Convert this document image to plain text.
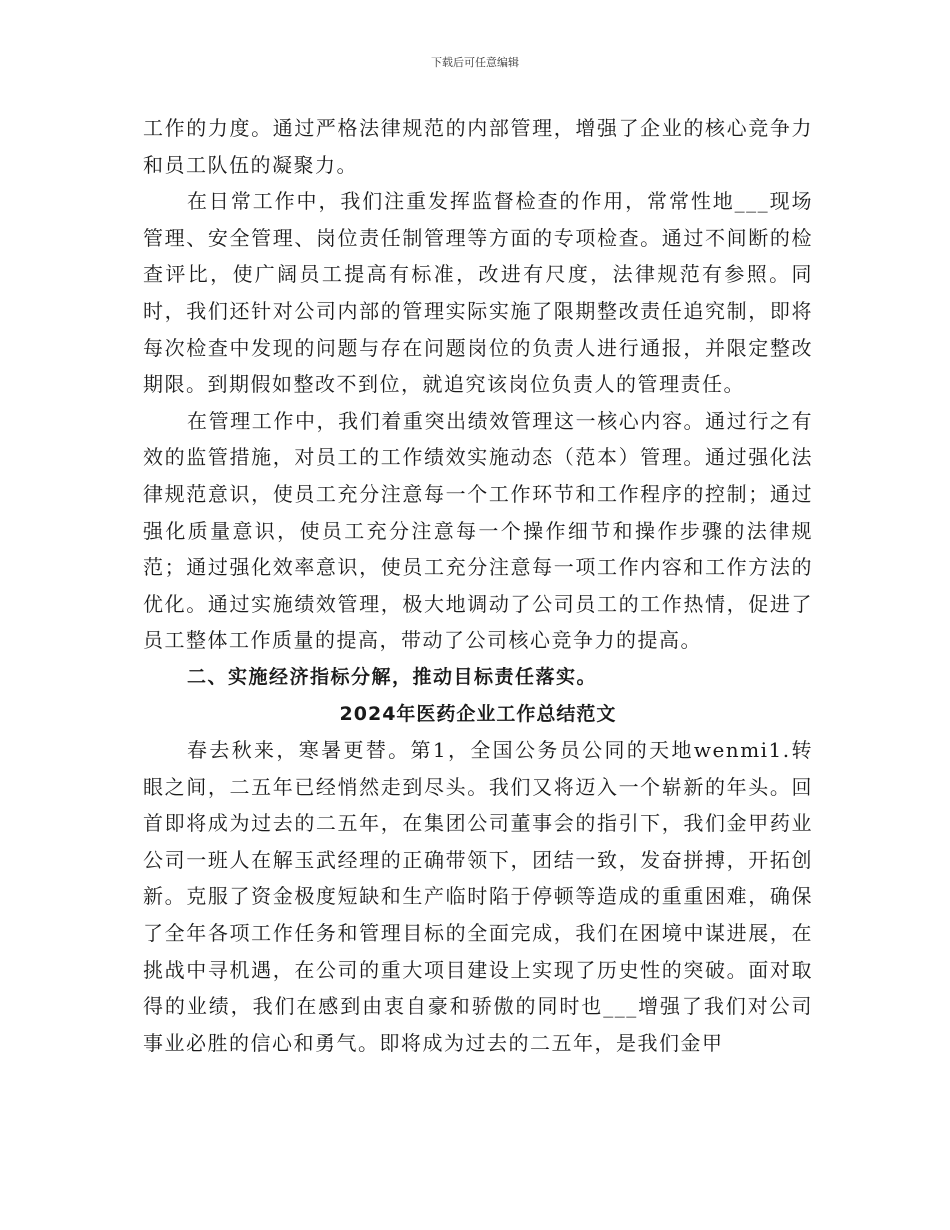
下载后可任意编辑

工作的力度。通过严格法律规范的内部管理，增强了企业的核心竞争力和员工队伍的凝聚力。

在日常工作中，我们注重发挥监督检查的作用，常常性地___现场管理、安全管理、岗位责任制管理等方面的专项检查。通过不间断的检查评比，使广阔员工提高有标准，改进有尺度，法律规范有参照。同时，我们还针对公司内部的管理实际实施了限期整改责任追究制，即将每次检查中发现的问题与存在问题岗位的负责人进行通报，并限定整改期限。到期假如整改不到位，就追究该岗位负责人的管理责任。

在管理工作中，我们着重突出绩效管理这一核心内容。通过行之有效的监管措施，对员工的工作绩效实施动态（范本）管理。通过强化法律规范意识，使员工充分注意每一个工作环节和工作程序的控制；通过强化质量意识，使员工充分注意每一个操作细节和操作步骤的法律规范；通过强化效率意识，使员工充分注意每一项工作内容和工作方法的优化。通过实施绩效管理，极大地调动了公司员工的工作热情，促进了员工整体工作质量的提高，带动了公司核心竞争力的提高。

二、实施经济指标分解，推动目标责任落实。

2024年医药企业工作总结范文

春去秋来，寒暑更替。第1，全国公务员公同的天地wenmi1.转眼之间，二五年已经悄然走到尽头。我们又将迈入一个崭新的年头。回首即将成为过去的二五年，在集团公司董事会的指引下，我们金甲药业公司一班人在解玉武经理的正确带领下，团结一致，发奋拼搏，开拓创新。克服了资金极度短缺和生产临时陷于停顿等造成的重重困难，确保了全年各项工作任务和管理目标的全面完成，我们在困境中谋进展，在挑战中寻机遇，在公司的重大项目建设上实现了历史性的突破。面对取得的业绩，我们在感到由衷自豪和骄傲的同时也___增强了我们对公司事业必胜的信心和勇气。即将成为过去的二五年，是我们金甲
